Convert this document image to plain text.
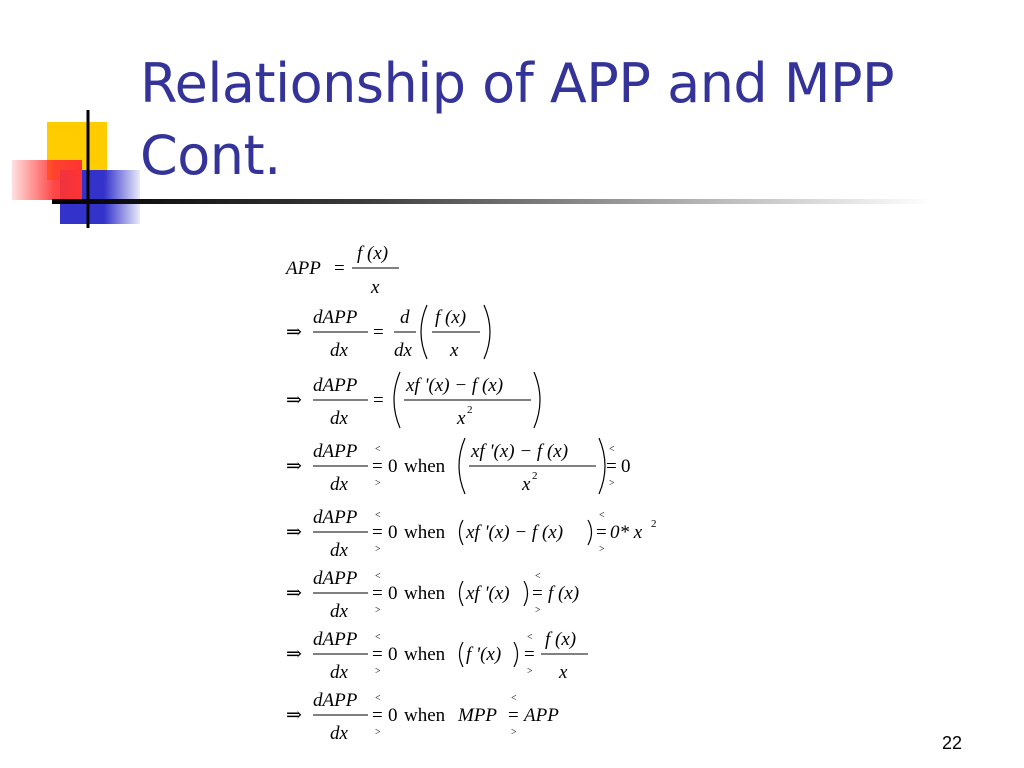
Relationship of APP and MPP
Cont.
APP =
f (x)
x
⇒
dAPP
dx
=
d
dx
f (x)
x
⇒
dAPP
dx
=
xf '(x) − f (x)
x 2
⇒
dAPP
dx
<
=
>
0 when
xf '(x) − f (x)
x 2
<
=
>
0
⇒
dAPP
dx
<
=
>
0 when xf '(x) − f (x)
<
=
>
0* x 2
⇒
dAPP
dx
<
=
>
0 when xf '(x)
<
=
>
f (x)
⇒
dAPP
dx
<
=
>
0 when f '(x)
<
=
>
f (x)
x
⇒
dAPP
dx
<
=
>
0 when MPP
<
=
>
APP
22
